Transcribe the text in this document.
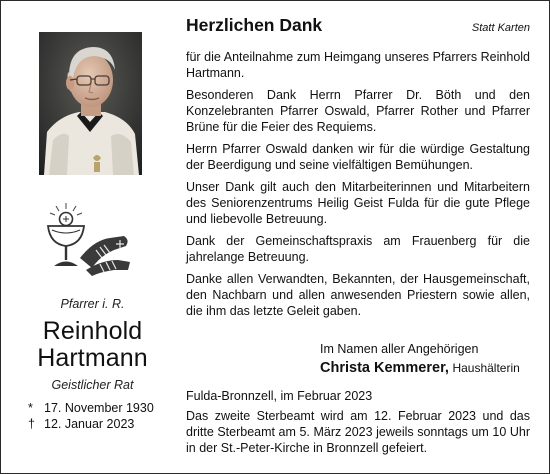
Pfarrer i. R.
Reinhold
Hartmann
Geistlicher Rat
* 17. November 1930
† 12. Januar 2023
Herzlichen Dank	Statt Karten

für die Anteilnahme zum Heimgang unseres Pfarrers Reinhold Hartmann.

Besonderen Dank Herrn Pfarrer Dr. Böth und den Konzelebranten Pfarrer Oswald, Pfarrer Rother und Pfarrer Brüne für die Feier des Requiems.

Herrn Pfarrer Oswald danken wir für die würdige Gestaltung der Beerdigung und seine vielfältigen Bemühungen.

Unser Dank gilt auch den Mitarbeiterinnen und Mitarbeitern des Seniorenzentrums Heilig Geist Fulda für die gute Pflege und liebevolle Betreuung.

Dank der Gemeinschaftspraxis am Frauenberg für die jahrelange Betreuung.

Danke allen Verwandten, Bekannten, der Hausgemeinschaft, den Nachbarn und allen anwesenden Priestern sowie allen, die ihm das letzte Geleit gaben.

Im Namen aller Angehörigen
Christa Kemmerer, Haushälterin
Fulda-Bronnzell, im Februar 2023
Das zweite Sterbeamt wird am 12. Februar 2023 und das dritte Sterbeamt am 5. März 2023 jeweils sonntags um 10 Uhr in der St.-Peter-Kirche in Bronnzell gefeiert.
